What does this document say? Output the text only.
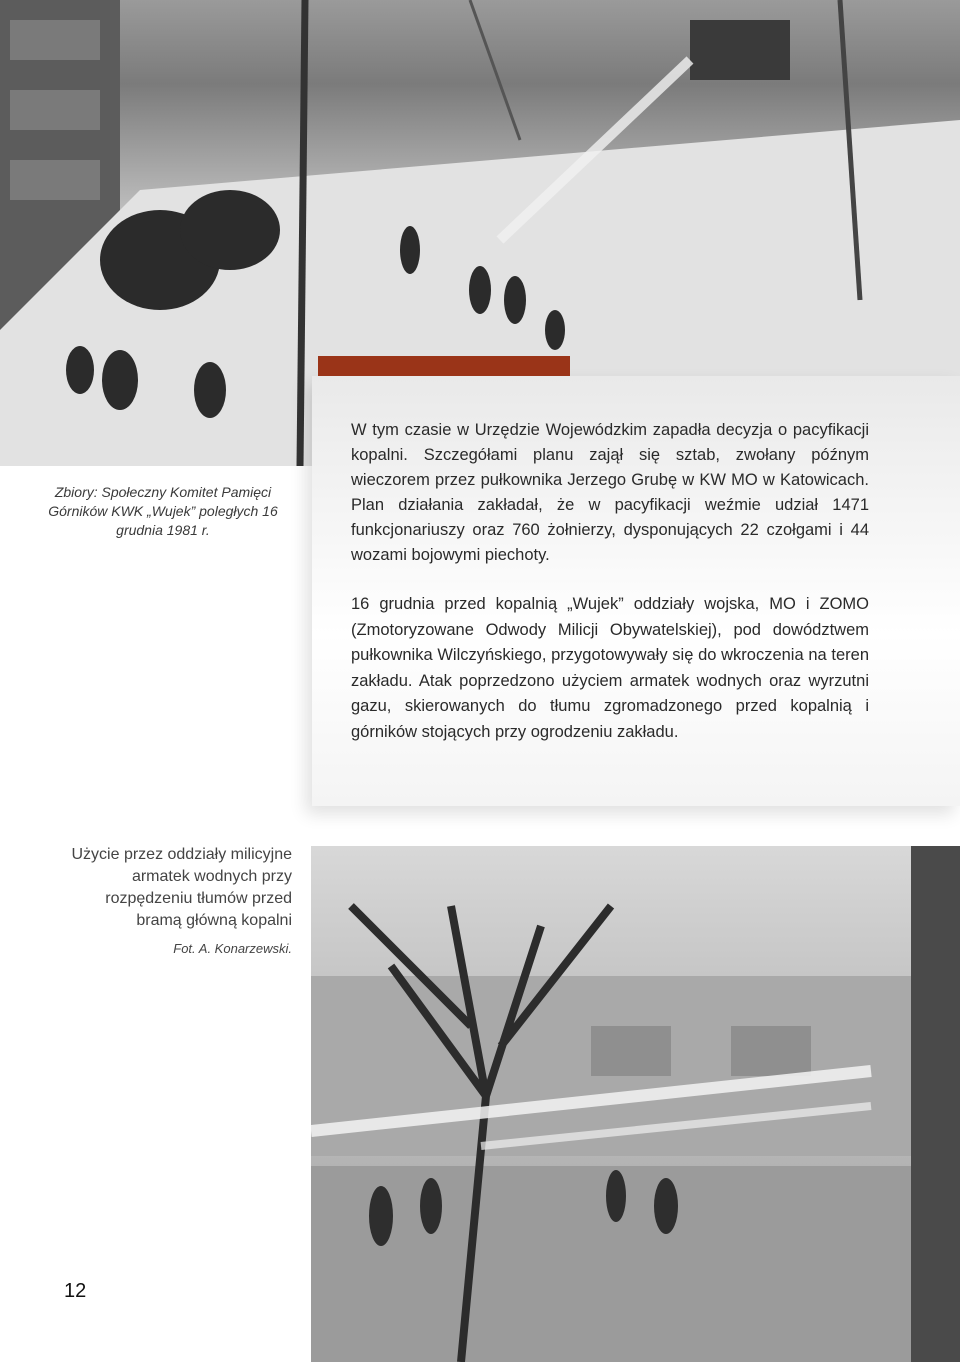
Zbiory: Społeczny Komitet Pamięci Górników KWK „Wujek” poległych 16 grudnia 1981 r.

W tym czasie w Urzędzie Wojewódzkim zapadła decyzja o pacyfikacji kopalni. Szczegółami planu zajął się sztab, zwołany późnym wieczorem przez pułkownika Jerzego Grubę w KW MO w Katowicach. Plan działania zakładał, że w pacyfikacji weźmie udział 1471 funkcjonariuszy oraz 760 żołnierzy, dysponujących 22 czołgami i 44 wozami bojowymi piechoty.

16 grudnia przed kopalnią „Wujek” oddziały wojska, MO i ZOMO (Zmotoryzowane Odwody Milicji Obywatelskiej), pod dowództwem pułkownika Wilczyńskiego, przygotowywały się do wkroczenia na teren zakładu. Atak poprzedzono użyciem armatek wodnych oraz wyrzutni gazu, skierowanych do tłumu zgromadzonego przed kopalnią i górników stojących przy ogrodzeniu zakładu.

Użycie przez oddziały milicyjne armatek wodnych przy rozpędzeniu tłumów przed bramą główną kopalni
Fot. A. Konarzewski.
12
